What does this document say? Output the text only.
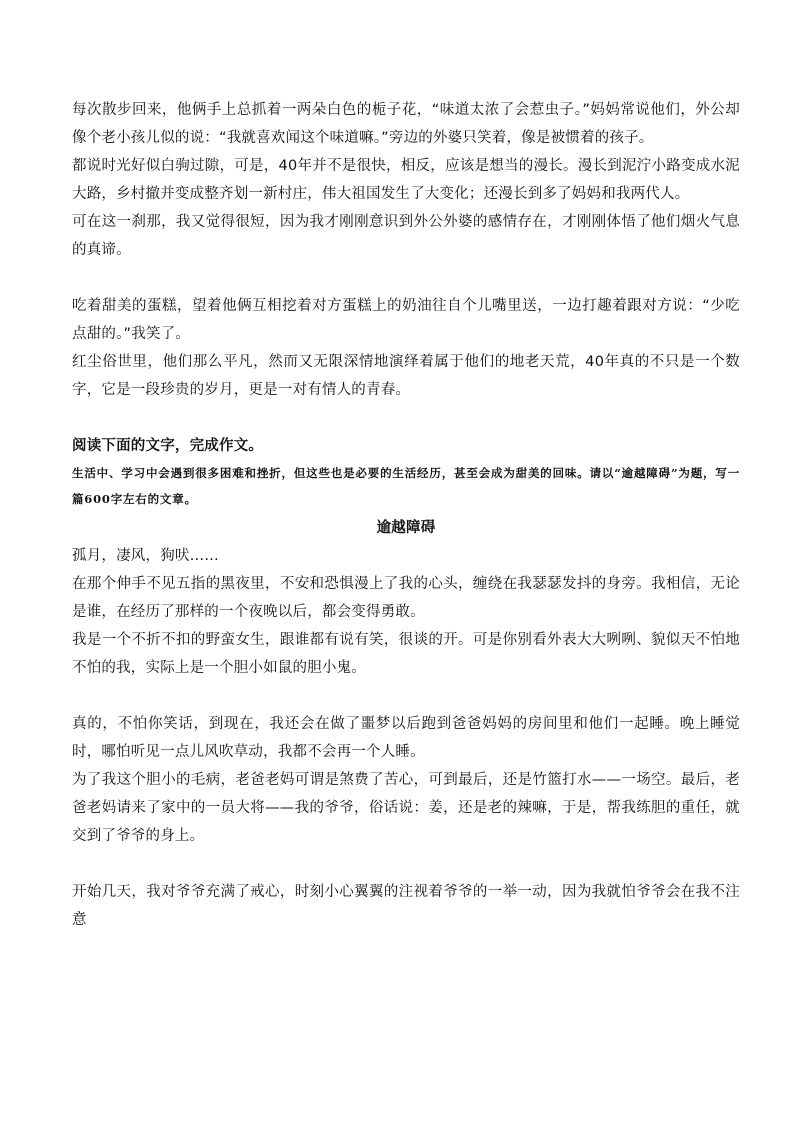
每次散步回来，他俩手上总抓着一两朵白色的栀子花，“味道太浓了会惹虫子。”妈妈常说他们，外公却像个老小孩儿似的说：“我就喜欢闻这个味道嘛。”旁边的外婆只笑着，像是被惯着的孩子。

都说时光好似白驹过隙，可是，40年并不是很快，相反，应该是想当的漫长。漫长到泥泞小路变成水泥大路，乡村撤并变成整齐划一新村庄，伟大祖国发生了大变化；还漫长到多了妈妈和我两代人。

可在这一刹那，我又觉得很短，因为我才刚刚意识到外公外婆的感情存在，才刚刚体悟了他们烟火气息的真谛。

吃着甜美的蛋糕，望着他俩互相挖着对方蛋糕上的奶油往自个儿嘴里送，一边打趣着跟对方说：“少吃点甜的。”我笑了。

红尘俗世里，他们那么平凡，然而又无限深情地演绎着属于他们的地老天荒，40年真的不只是一个数字，它是一段珍贵的岁月，更是一对有情人的青春。

阅读下面的文字，完成作文。

生活中、学习中会遇到很多困难和挫折，但这些也是必要的生活经历，甚至会成为甜美的回味。请以“逾越障碍”为题，写一篇600字左右的文章。

逾越障碍

孤月，凄风，狗吠……

在那个伸手不见五指的黑夜里，不安和恐惧漫上了我的心头，缠绕在我瑟瑟发抖的身旁。我相信，无论是谁，在经历了那样的一个夜晚以后，都会变得勇敢。

我是一个不折不扣的野蛮女生，跟谁都有说有笑，很谈的开。可是你别看外表大大咧咧、貌似天不怕地不怕的我，实际上是一个胆小如鼠的胆小鬼。

真的，不怕你笑话，到现在，我还会在做了噩梦以后跑到爸爸妈妈的房间里和他们一起睡。晚上睡觉时，哪怕听见一点儿风吹草动，我都不会再一个人睡。

为了我这个胆小的毛病，老爸老妈可谓是煞费了苦心，可到最后，还是竹篮打水——一场空。最后，老爸老妈请来了家中的一员大将——我的爷爷，俗话说：姜，还是老的辣嘛，于是，帮我练胆的重任，就交到了爷爷的身上。

开始几天，我对爷爷充满了戒心，时刻小心翼翼的注视着爷爷的一举一动，因为我就怕爷爷会在我不注意
